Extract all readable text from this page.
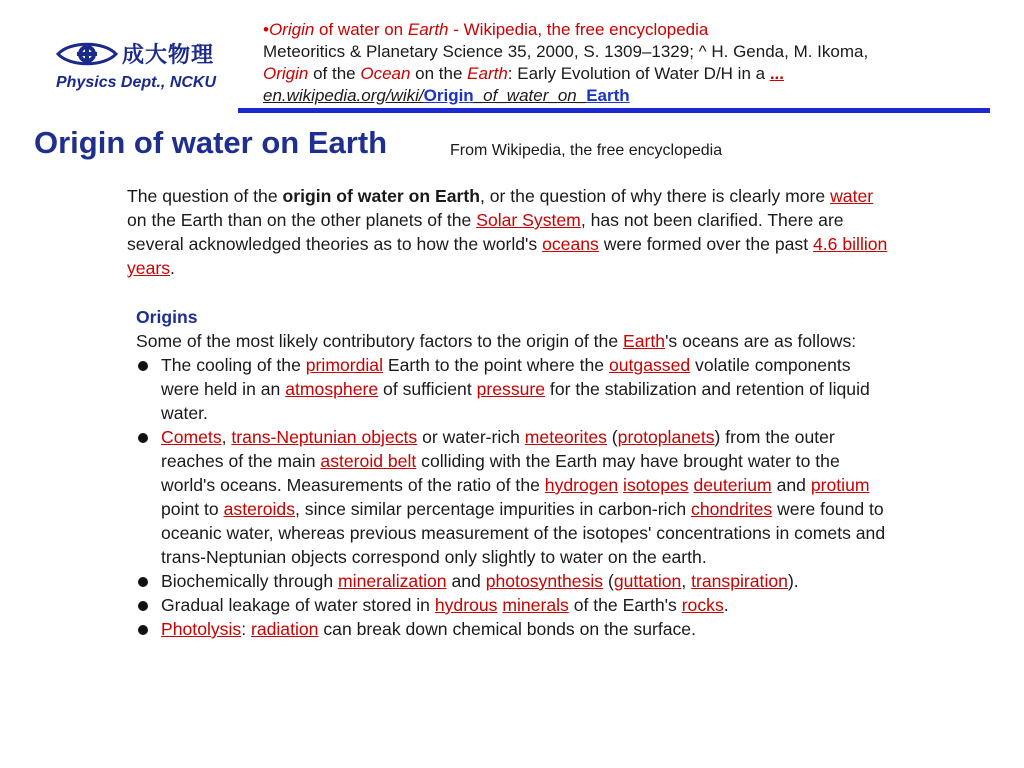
成大物理
Physics Dept., NCKU
•Origin of water on Earth - Wikipedia, the free encyclopedia
Meteoritics & Planetary Science 35, 2000, S. 1309–1329; ^ H. Genda, M. Ikoma,
Origin of the Ocean on the Earth: Early Evolution of Water D/H in a ...
en.wikipedia.org/wiki/Origin_of_water_on_Earth
Origin of water on Earth	From Wikipedia, the free encyclopedia

The question of the origin of water on Earth, or the question of why there is clearly more water on the Earth than on the other planets of the Solar System, has not been clarified. There are several acknowledged theories as to how the world's oceans were formed over the past 4.6 billion years.

Origins
Some of the most likely contributory factors to the origin of the Earth's oceans are as follows:
The cooling of the primordial Earth to the point where the outgassed volatile components were held in an atmosphere of sufficient pressure for the stabilization and retention of liquid water.
Comets, trans-Neptunian objects or water-rich meteorites (protoplanets) from the outer reaches of the main asteroid belt colliding with the Earth may have brought water to the world's oceans. Measurements of the ratio of the hydrogen isotopes deuterium and protium point to asteroids, since similar percentage impurities in carbon-rich chondrites were found to oceanic water, whereas previous measurement of the isotopes' concentrations in comets and trans-Neptunian objects correspond only slightly to water on the earth.
Biochemically through mineralization and photosynthesis (guttation, transpiration).
Gradual leakage of water stored in hydrous minerals of the Earth's rocks.
Photolysis: radiation can break down chemical bonds on the surface.
